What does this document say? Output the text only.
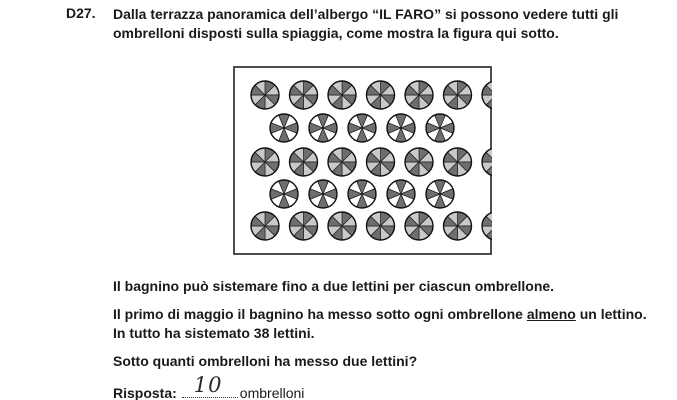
D27. Dalla terrazza panoramica dell’albergo “IL FARO” si possono vedere tutti gli ombrelloni disposti sulla spiaggia, come mostra la figura qui sotto.
Il bagnino può sistemare fino a due lettini per ciascun ombrellone.
Il primo di maggio il bagnino ha messo sotto ogni ombrellone almeno un lettino. In tutto ha sistemato 38 lettini.
Sotto quanti ombrelloni ha messo due lettini?
Risposta: 10 ombrelloni
